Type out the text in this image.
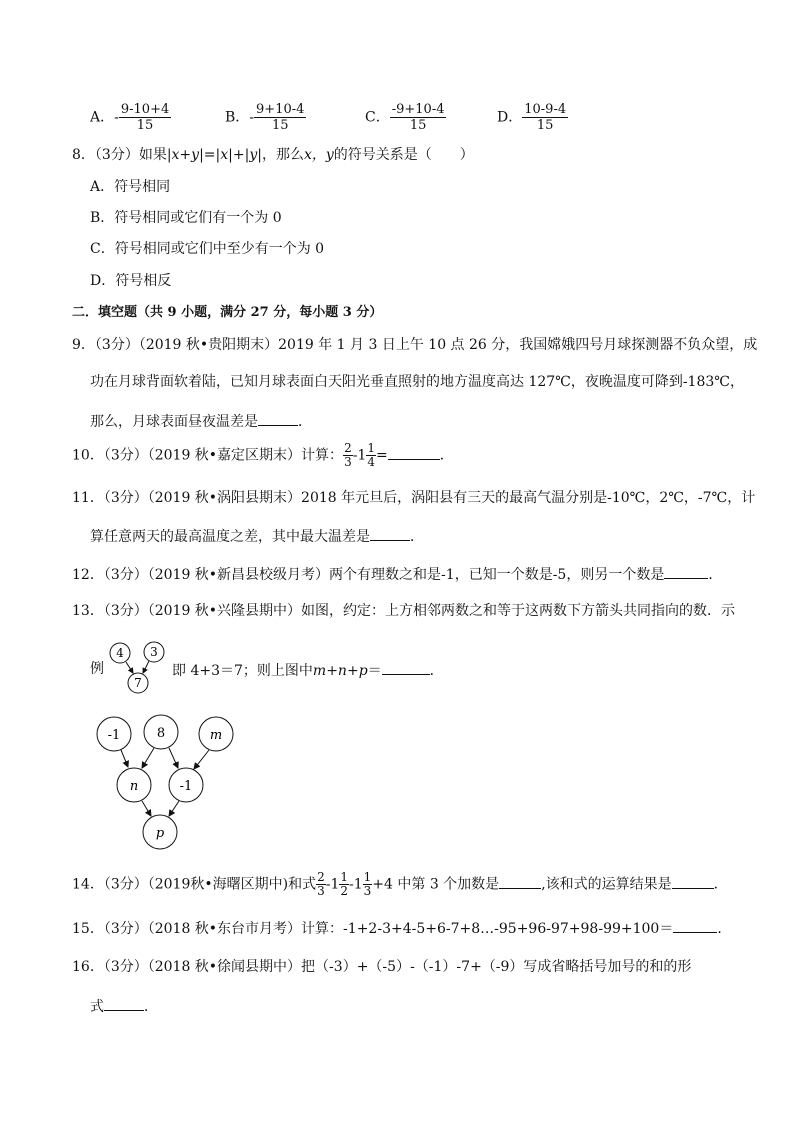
A．- $\frac{9-10+4}{15}$	B．- $\frac{9+10-4}{15}$	C． $\frac{-9+10-4}{15}$	D． $\frac{10-9-4}{15}$
8．（3分）如果|x+y|=|x|+|y|，那么x，y的符号关系是（　　）
A．符号相同
B．符号相同或它们有一个为 0
C．符号相同或它们中至少有一个为 0
D．符号相反
二．填空题（共 9 小题，满分 27 分，每小题 3 分）
9．（3分）（2019 秋•贵阳期末）2019 年 1 月 3 日上午 10 点 26 分，我国嫦娥四号月球探测器不负众望，成
功在月球背面软着陆，已知月球表面白天阳光垂直照射的地方温度高达 127℃，夜晚温度可降到-183℃，
那么，月球表面昼夜温差是	．
10．（3分）（2019 秋•嘉定区期末）计算： $\frac{2}{3} -1 \frac{1}{4}$ =	．
11．（3分）（2019 秋•涡阳县期末）2018 年元旦后，涡阳县有三天的最高气温分别是-10℃，2℃，-7℃，计
算任意两天的最高温度之差，其中最大温差是	．
12．（3分）（2019 秋•新昌县校级月考）两个有理数之和是-1，已知一个数是-5，则另一个数是	．
13．（3分）（2019 秋•兴隆县期中）如图，约定：上方相邻两数之和等于这两数下方箭头共同指向的数．示
例
4 3
7
即 4+3＝7；则上图中m+n+p＝	．
-1	8	m
n	-1
p
14．（3分）（2019秋•海曙区期中)和式 $\frac{2}{3} -1 \frac{1}{2} -1 \frac{1}{3} +4$ 中第 3 个加数是	,该和式的运算结果是	．
15．（3分）（2018 秋•东台市月考）计算：-1+2-3+4-5+6-7+8…-95+96-97+98-99+100＝	．
16．（3分）（2018 秋•徐闻县期中）把（-3）+（-5）-（-1）-7+（-9）写成省略括号加号的和的形
式	．
